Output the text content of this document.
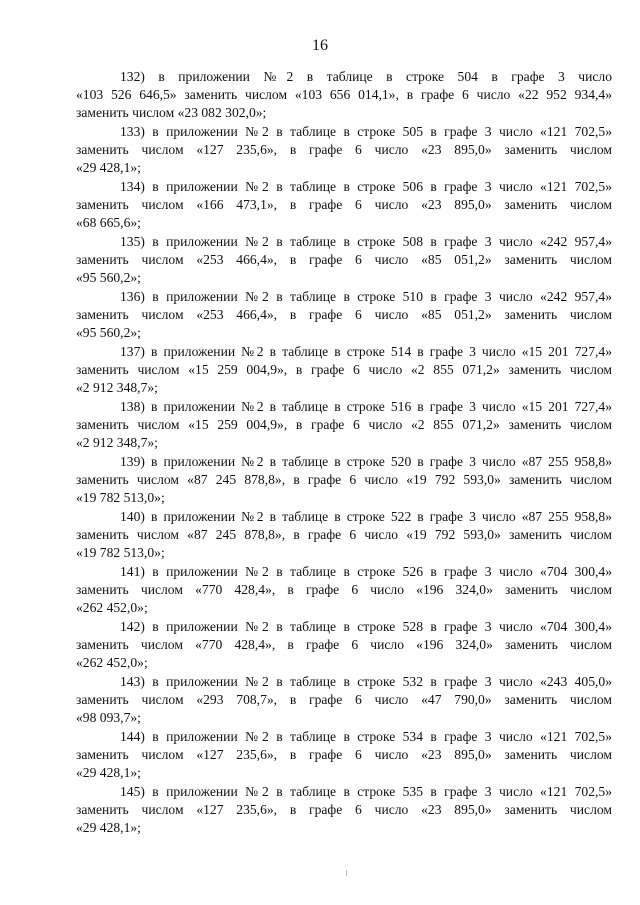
16
132) в приложении №2 в таблице в строке 504 в графе 3 число
«103 526 646,5» заменить числом «103 656 014,1», в графе 6 число «22 952 934,4»
заменить числом «23 082 302,0»;
133) в приложении №2 в таблице в строке 505 в графе 3 число «121 702,5»
заменить числом «127 235,6», в графе 6 число «23 895,0» заменить числом
«29 428,1»;
134) в приложении №2 в таблице в строке 506 в графе 3 число «121 702,5»
заменить числом «166 473,1», в графе 6 число «23 895,0» заменить числом
«68 665,6»;
135) в приложении №2 в таблице в строке 508 в графе 3 число «242 957,4»
заменить числом «253 466,4», в графе 6 число «85 051,2» заменить числом
«95 560,2»;
136) в приложении №2 в таблице в строке 510 в графе 3 число «242 957,4»
заменить числом «253 466,4», в графе 6 число «85 051,2» заменить числом
«95 560,2»;
137) в приложении №2 в таблице в строке 514 в графе 3 число «15 201 727,4»
заменить числом «15 259 004,9», в графе 6 число «2 855 071,2» заменить числом
«2 912 348,7»;
138) в приложении №2 в таблице в строке 516 в графе 3 число «15 201 727,4»
заменить числом «15 259 004,9», в графе 6 число «2 855 071,2» заменить числом
«2 912 348,7»;
139) в приложении №2 в таблице в строке 520 в графе 3 число «87 255 958,8»
заменить числом «87 245 878,8», в графе 6 число «19 792 593,0» заменить числом
«19 782 513,0»;
140) в приложении №2 в таблице в строке 522 в графе 3 число «87 255 958,8»
заменить числом «87 245 878,8», в графе 6 число «19 792 593,0» заменить числом
«19 782 513,0»;
141) в приложении №2 в таблице в строке 526 в графе 3 число «704 300,4»
заменить числом «770 428,4», в графе 6 число «196 324,0» заменить числом
«262 452,0»;
142) в приложении №2 в таблице в строке 528 в графе 3 число «704 300,4»
заменить числом «770 428,4», в графе 6 число «196 324,0» заменить числом
«262 452,0»;
143) в приложении №2 в таблице в строке 532 в графе 3 число «243 405,0»
заменить числом «293 708,7», в графе 6 число «47 790,0» заменить числом
«98 093,7»;
144) в приложении №2 в таблице в строке 534 в графе 3 число «121 702,5»
заменить числом «127 235,6», в графе 6 число «23 895,0» заменить числом
«29 428,1»;
145) в приложении №2 в таблице в строке 535 в графе 3 число «121 702,5»
заменить числом «127 235,6», в графе 6 число «23 895,0» заменить числом
«29 428,1»;
